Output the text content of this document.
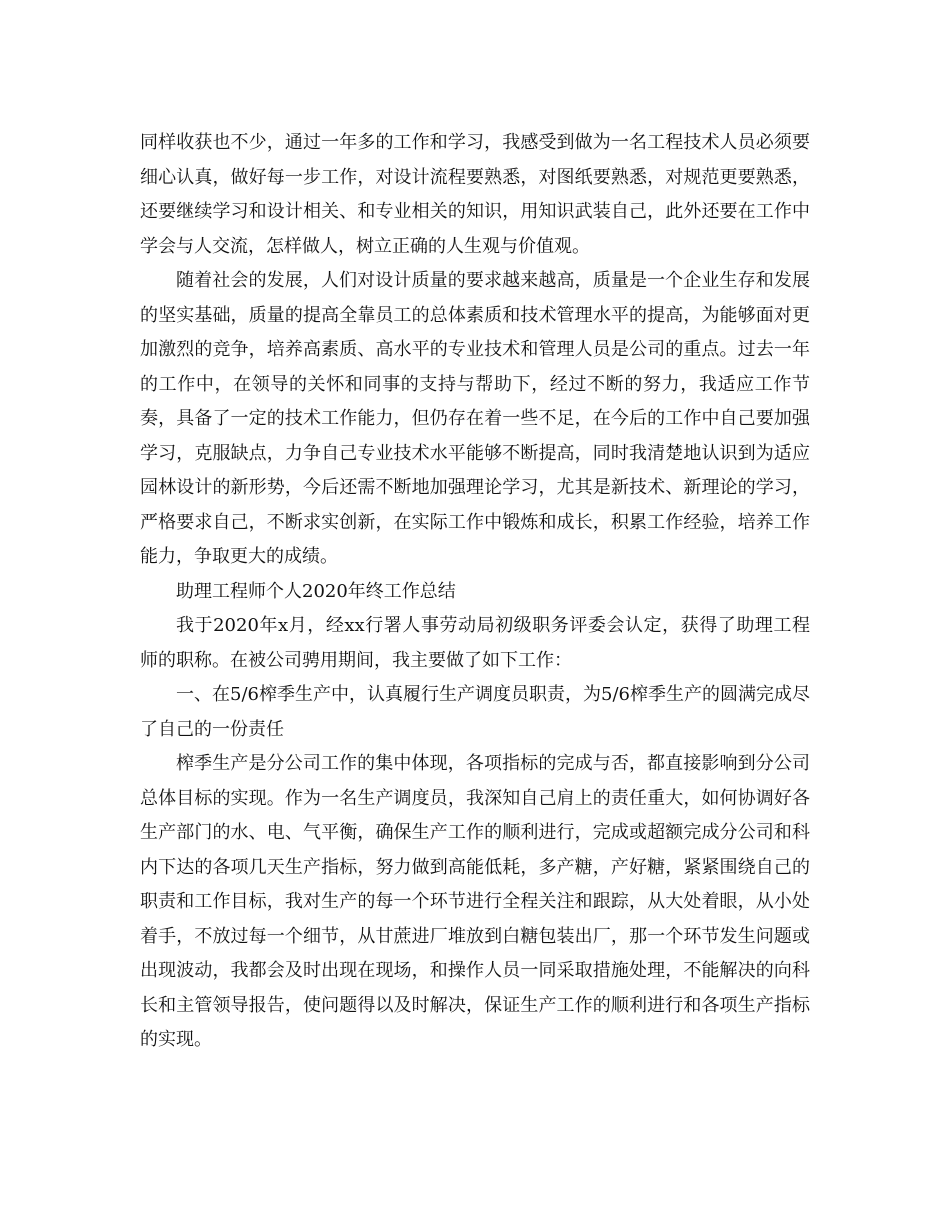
同样收获也不少，通过一年多的工作和学习，我感受到做为一名工程技术人员必须要细心认真，做好每一步工作，对设计流程要熟悉，对图纸要熟悉，对规范更要熟悉，还要继续学习和设计相关、和专业相关的知识，用知识武装自己，此外还要在工作中学会与人交流，怎样做人，树立正确的人生观与价值观。

随着社会的发展，人们对设计质量的要求越来越高，质量是一个企业生存和发展的坚实基础，质量的提高全靠员工的总体素质和技术管理水平的提高，为能够面对更加激烈的竞争，培养高素质、高水平的专业技术和管理人员是公司的重点。过去一年的工作中，在领导的关怀和同事的支持与帮助下，经过不断的努力，我适应工作节奏，具备了一定的技术工作能力，但仍存在着一些不足，在今后的工作中自己要加强学习，克服缺点，力争自己专业技术水平能够不断提高，同时我清楚地认识到为适应园林设计的新形势，今后还需不断地加强理论学习，尤其是新技术、新理论的学习，严格要求自己，不断求实创新，在实际工作中锻炼和成长，积累工作经验，培养工作能力，争取更大的成绩。

助理工程师个人2020年终工作总结

我于2020年x月，经xx行署人事劳动局初级职务评委会认定，获得了助理工程师的职称。在被公司骋用期间，我主要做了如下工作：

一、在5/6榨季生产中，认真履行生产调度员职责，为5/6榨季生产的圆满完成尽了自己的一份责任

榨季生产是分公司工作的集中体现，各项指标的完成与否，都直接影响到分公司总体目标的实现。作为一名生产调度员，我深知自己肩上的责任重大，如何协调好各生产部门的水、电、气平衡，确保生产工作的顺利进行，完成或超额完成分公司和科内下达的各项几天生产指标，努力做到高能低耗，多产糖，产好糖，紧紧围绕自己的职责和工作目标，我对生产的每一个环节进行全程关注和跟踪，从大处着眼，从小处着手，不放过每一个细节，从甘蔗进厂堆放到白糖包装出厂，那一个环节发生问题或出现波动，我都会及时出现在现场，和操作人员一同采取措施处理，不能解决的向科长和主管领导报告，使问题得以及时解决，保证生产工作的顺利进行和各项生产指标的实现。
